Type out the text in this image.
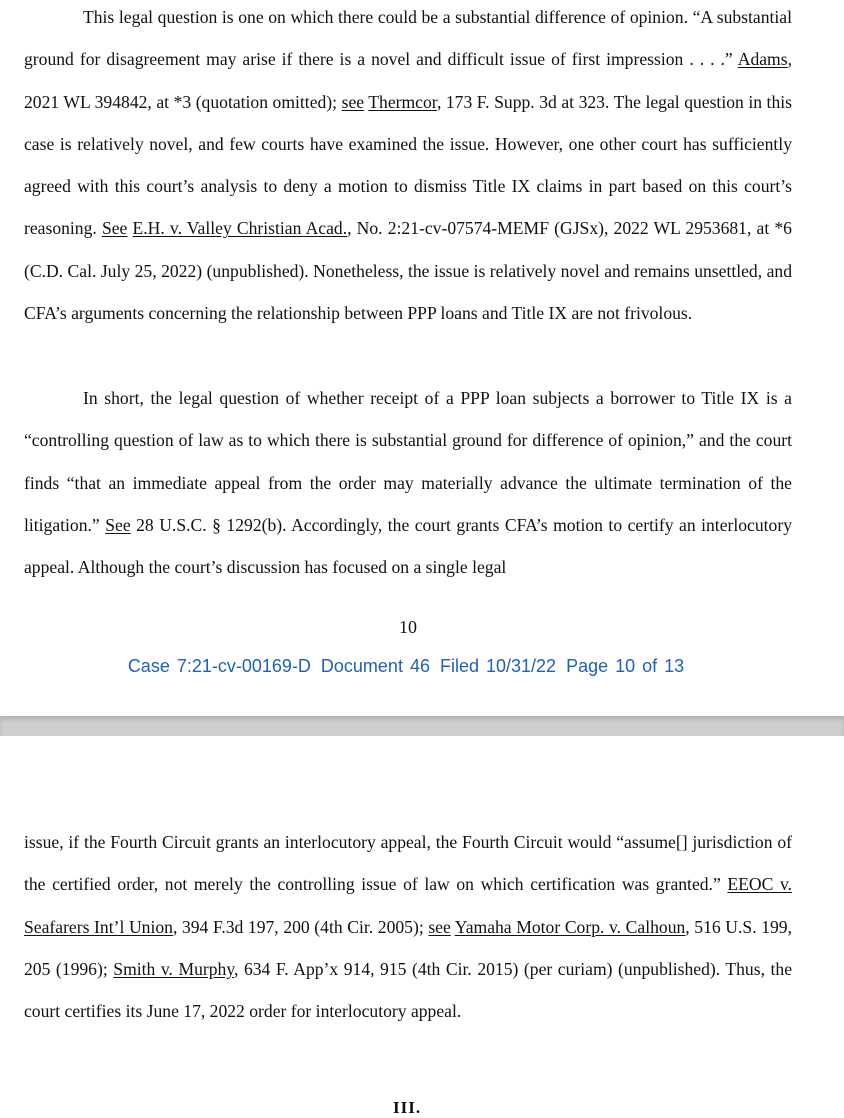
This legal question is one on which there could be a substantial difference of opinion. “A substantial ground for disagreement may arise if there is a novel and difficult issue of first impression . . . .” Adams, 2021 WL 394842, at *3 (quotation omitted); see Thermcor, 173 F. Supp. 3d at 323. The legal question in this case is relatively novel, and few courts have examined the issue. However, one other court has sufficiently agreed with this court’s analysis to deny a motion to dismiss Title IX claims in part based on this court’s reasoning. See E.H. v. Valley Christian Acad., No. 2:21-cv-07574-MEMF (GJSx), 2022 WL 2953681, at *6 (C.D. Cal. July 25, 2022) (unpublished). Nonetheless, the issue is relatively novel and remains unsettled, and CFA’s arguments concerning the relationship between PPP loans and Title IX are not frivolous.

In short, the legal question of whether receipt of a PPP loan subjects a borrower to Title IX is a “controlling question of law as to which there is substantial ground for difference of opinion,” and the court finds “that an immediate appeal from the order may materially advance the ultimate termination of the litigation.” See 28 U.S.C. § 1292(b). Accordingly, the court grants CFA’s motion to certify an interlocutory appeal. Although the court’s discussion has focused on a single legal

10
Case 7:21-cv-00169-D Document 46 Filed 10/31/22 Page 10 of 13

issue, if the Fourth Circuit grants an interlocutory appeal, the Fourth Circuit would “assume[] jurisdiction of the certified order, not merely the controlling issue of law on which certification was granted.” EEOC v. Seafarers Int’l Union, 394 F.3d 197, 200 (4th Cir. 2005); see Yamaha Motor Corp. v. Calhoun, 516 U.S. 199, 205 (1996); Smith v. Murphy, 634 F. App’x 914, 915 (4th Cir. 2015) (per curiam) (unpublished). Thus, the court certifies its June 17, 2022 order for interlocutory appeal.

III.
